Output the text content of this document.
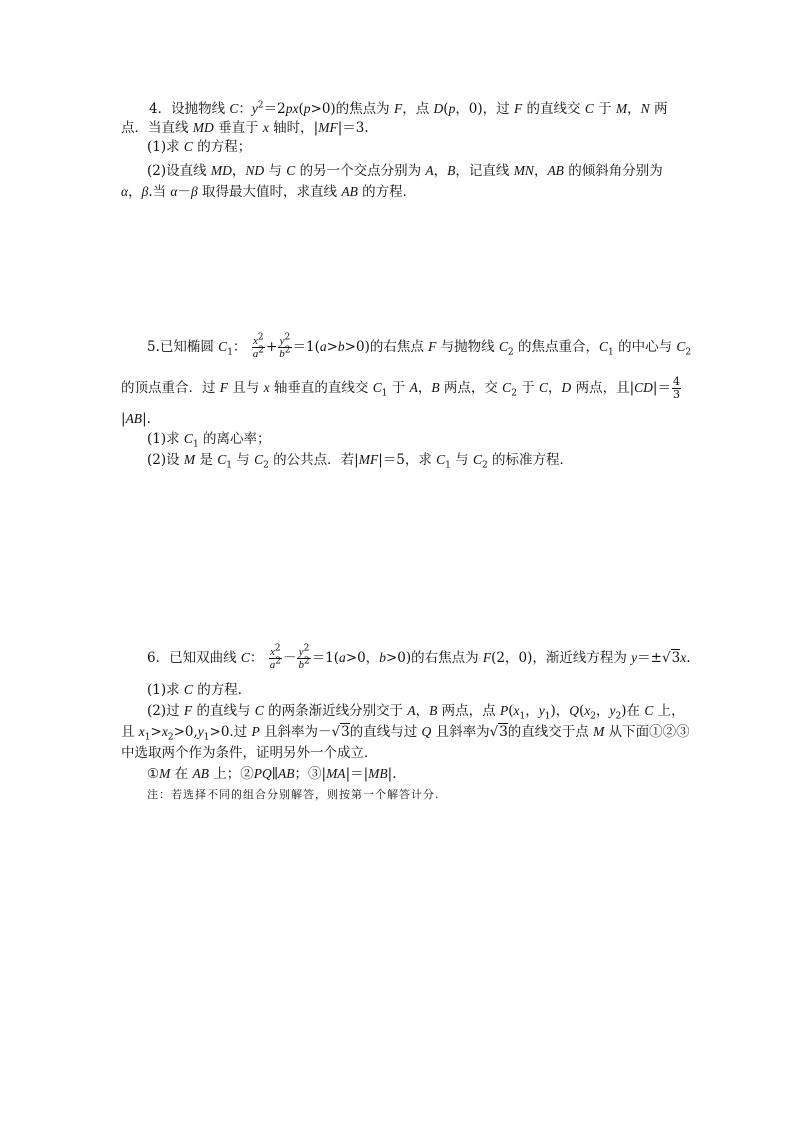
4．设抛物线 C：$y^2=2px(p>0)$的焦点为 F，点 D(p，0)，过 F 的直线交 C 于 M，N 两
点．当直线 MD 垂直于 x 轴时，|MF|＝3.
(1)求 C 的方程；
(2)设直线 MD，ND 与 C 的另一个交点分别为 A，B，记直线 MN，AB 的倾斜角分别为
α，β.当 α－β 取得最大值时，求直线 AB 的方程．
5.已知椭圆 $C_1$： $\frac{x^2}{a^2} + \frac{y^2}{b^2} =1(a>b>0)$的右焦点 F 与抛物线 $C_2$ 的焦点重合，$C_1$ 的中心与 $C_2$
的顶点重合．过 F 且与 x 轴垂直的直线交 $C_1$ 于 A，B 两点，交 $C_2$ 于 C，D 两点，且$|CD|= \frac{4}{3}$
|AB|.
(1)求 $C_1$ 的离心率；
(2)设 M 是 $C_1$ 与 $C_2$ 的公共点．若|MF|＝5，求 $C_1$ 与 $C_2$ 的标准方程．
6．已知双曲线 C： $\frac{x^2}{a^2} - \frac{y^2}{b^2} =1(a>0$，b>0)的右焦点为 F(2，0)，渐近线方程为 y＝±√3x.
(1)求 C 的方程．
(2)过 F 的直线与 C 的两条渐近线分别交于 A，B 两点，点 $P(x_1$，$y_1$)，$Q(x_2$，$y_2$)在 C 上，
且 $x_1>x_2>0,y_1>0$.过 P 且斜率为－√3的直线与过 Q 且斜率为√3的直线交于点 M 从下面①②③
中选取两个作为条件，证明另外一个成立．
①M 在 AB 上；②PQ∥AB；③|MA|＝|MB|.
注：若选择不同的组合分别解答，则按第一个解答计分.
